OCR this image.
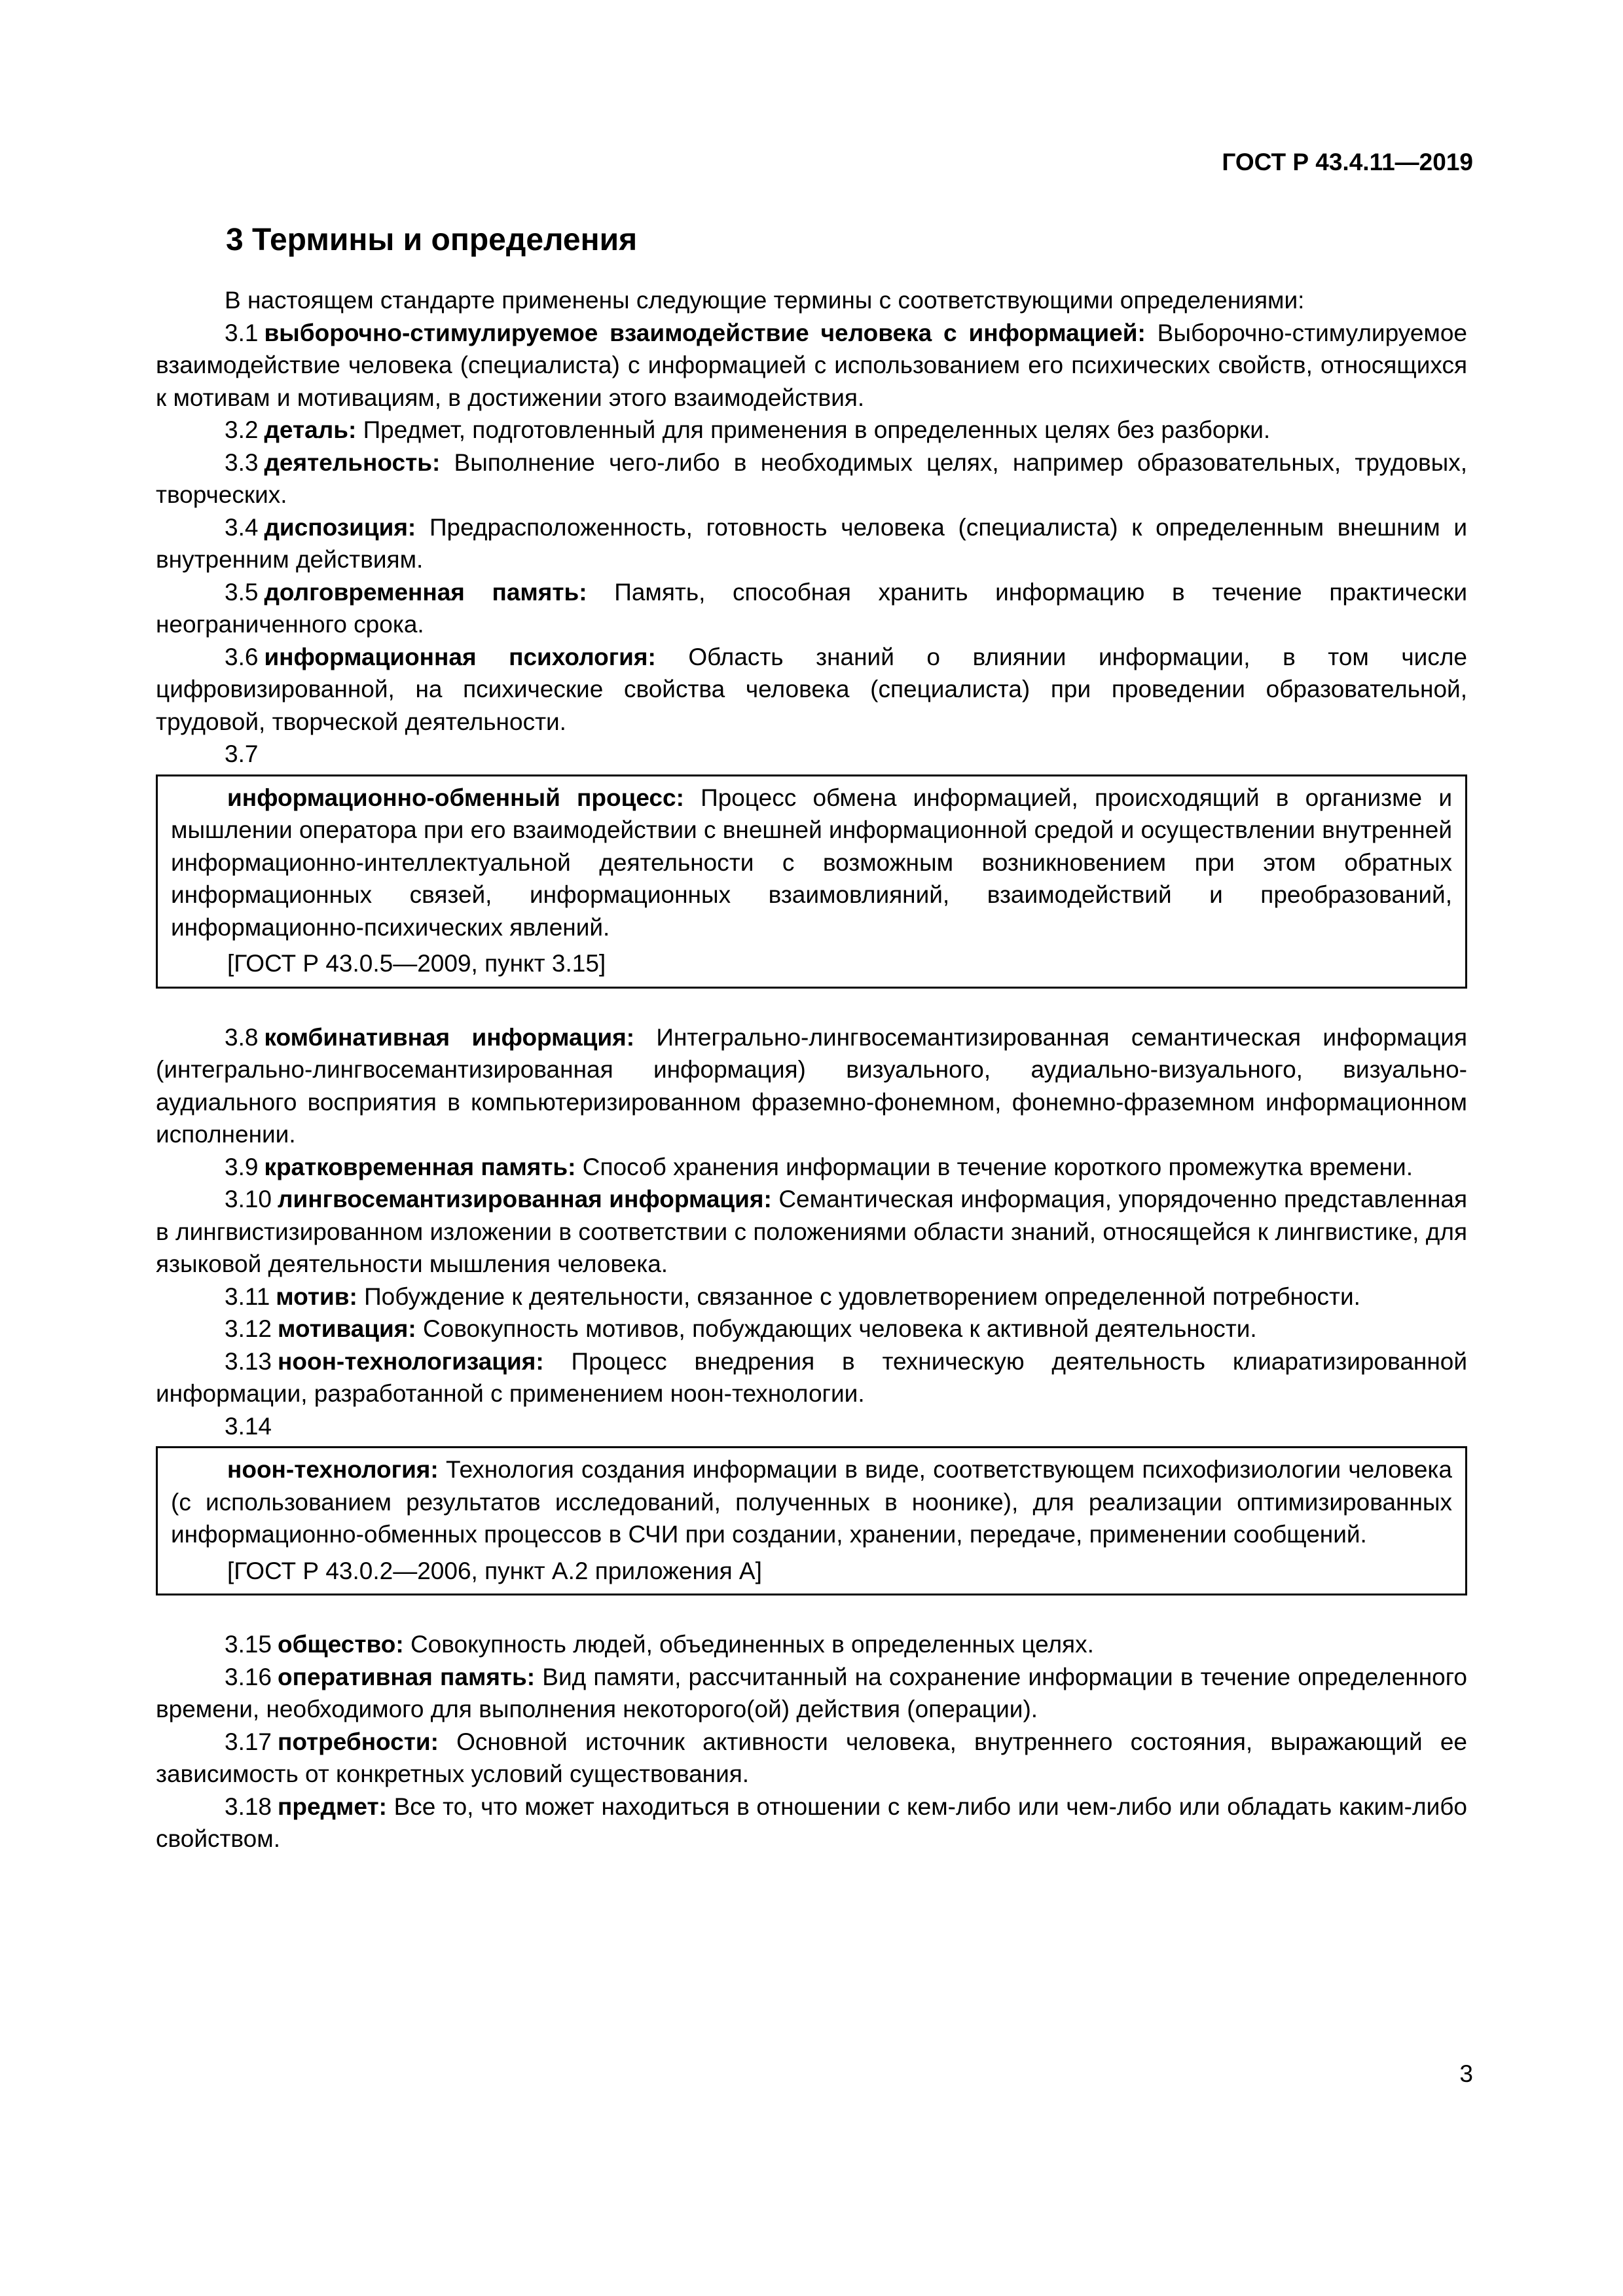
ГОСТ Р 43.4.11—2019
3 Термины и определения

В настоящем стандарте применены следующие термины с соответствующими определениями:

3.1 выборочно-стимулируемое взаимодействие человека с информацией: Выборочно-стимулируемое взаимодействие человека (специалиста) с информацией с использованием его психических свойств, относящихся к мотивам и мотивациям, в достижении этого взаимодействия.

3.2 деталь: Предмет, подготовленный для применения в определенных целях без разборки.

3.3 деятельность: Выполнение чего-либо в необходимых целях, например образовательных, трудовых, творческих.

3.4 диспозиция: Предрасположенность, готовность человека (специалиста) к определенным внешним и внутренним действиям.

3.5 долговременная память: Память, способная хранить информацию в течение практически неограниченного срока.

3.6 информационная психология: Область знаний о влиянии информации, в том числе цифровизированной, на психические свойства человека (специалиста) при проведении образовательной, трудовой, творческой деятельности.

3.7

информационно-обменный процесс: Процесс обмена информацией, происходящий в организме и мышлении оператора при его взаимодействии с внешней информационной средой и осуществлении внутренней информационно-интеллектуальной деятельности с возможным возникновением при этом обратных информационных связей, информационных взаимовлияний, взаимодействий и преобразований, информационно-психических явлений.

[ГОСТ Р 43.0.5—2009, пункт 3.15]

3.8 комбинативная информация: Интегрально-лингвосемантизированная семантическая информация (интегрально-лингвосемантизированная информация) визуального, аудиально-визуального, визуально-аудиального восприятия в компьютеризированном фраземно-фонемном, фонемно-фраземном информационном исполнении.

3.9 кратковременная память: Способ хранения информации в течение короткого промежутка времени.

3.10 лингвосемантизированная информация: Семантическая информация, упорядоченно представленная в лингвистизированном изложении в соответствии с положениями области знаний, относящейся к лингвистике, для языковой деятельности мышления человека.

3.11 мотив: Побуждение к деятельности, связанное с удовлетворением определенной потребности.

3.12 мотивация: Совокупность мотивов, побуждающих человека к активной деятельности.

3.13 ноон-технологизация: Процесс внедрения в техническую деятельность клиаратизированной информации, разработанной с применением ноон-технологии.

3.14

ноон-технология: Технология создания информации в виде, соответствующем психофизиологии человека (с использованием результатов исследований, полученных в ноонике), для реализации оптимизированных информационно-обменных процессов в СЧИ при создании, хранении, передаче, применении сообщений.

[ГОСТ Р 43.0.2—2006, пункт А.2 приложения А]

3.15 общество: Совокупность людей, объединенных в определенных целях.

3.16 оперативная память: Вид памяти, рассчитанный на сохранение информации в течение определенного времени, необходимого для выполнения некоторого(ой) действия (операции).

3.17 потребности: Основной источник активности человека, внутреннего состояния, выражающий ее зависимость от конкретных условий существования.

3.18 предмет: Все то, что может находиться в отношении с кем-либо или чем-либо или обладать каким-либо свойством.

3
